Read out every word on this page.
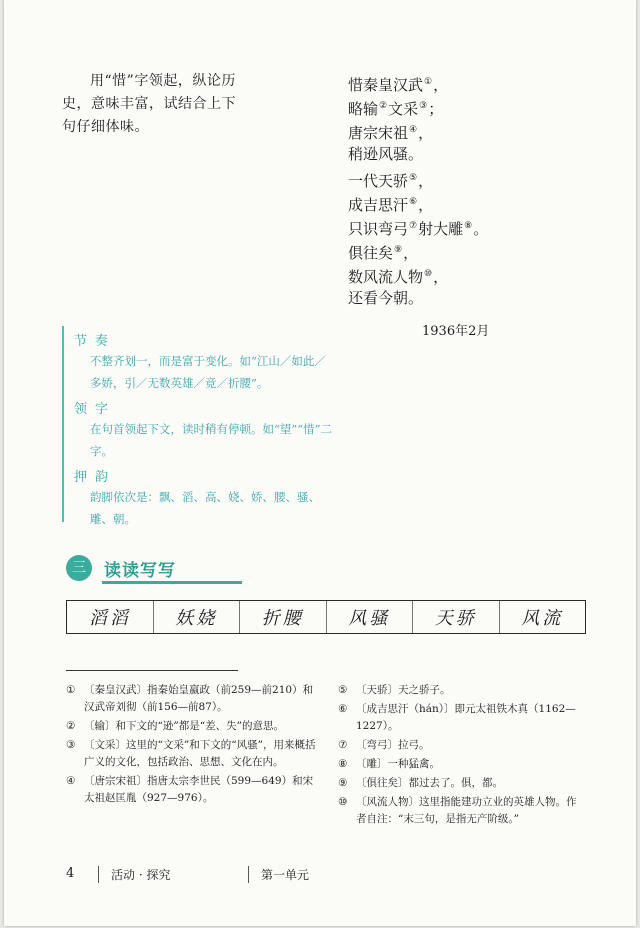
用“惜”字领起，纵论历史，意味丰富，试结合上下句仔细体味。

惜秦皇汉武①，
略输②文采③；
唐宗宋祖④，
稍逊风骚。
一代天骄⑤，
成吉思汗⑥，
只识弯弓⑦射大雕⑧。
俱往矣⑨，
数风流人物⑩，
还看今朝。
1936年2月
节奏
不整齐划一，而是富于变化。如“江山／如此／多娇，引／无数英雄／竞／折腰”。
领字
在句首领起下文，读时稍有停顿。如“望”“惜”二字。
押韵
韵脚依次是：飘、滔、高、娆、娇、腰、骚、雕、朝。
三	读读写写
滔滔	妖娆	折腰	风骚	天骄	风流
① 〔秦皇汉武〕指秦始皇嬴政（前259—前210）和汉武帝刘彻（前156—前87）。
② 〔输〕和下文的“逊”都是“差、失”的意思。
③ 〔文采〕这里的“文采”和下文的“风骚”，用来概括广义的文化，包括政治、思想、文化在内。
④ 〔唐宗宋祖〕指唐太宗李世民（599—649）和宋太祖赵匡胤（927—976）。
⑤ 〔天骄〕天之骄子。
⑥ 〔成吉思汗（hán）〕即元太祖铁木真（1162—1227）。
⑦ 〔弯弓〕拉弓。
⑧ 〔雕〕一种猛禽。
⑨ 〔俱往矣〕都过去了。俱，都。
⑩ 〔风流人物〕这里指能建功立业的英雄人物。作者自注：“末三句，是指无产阶级。”
4	活动 · 探究	第一单元
